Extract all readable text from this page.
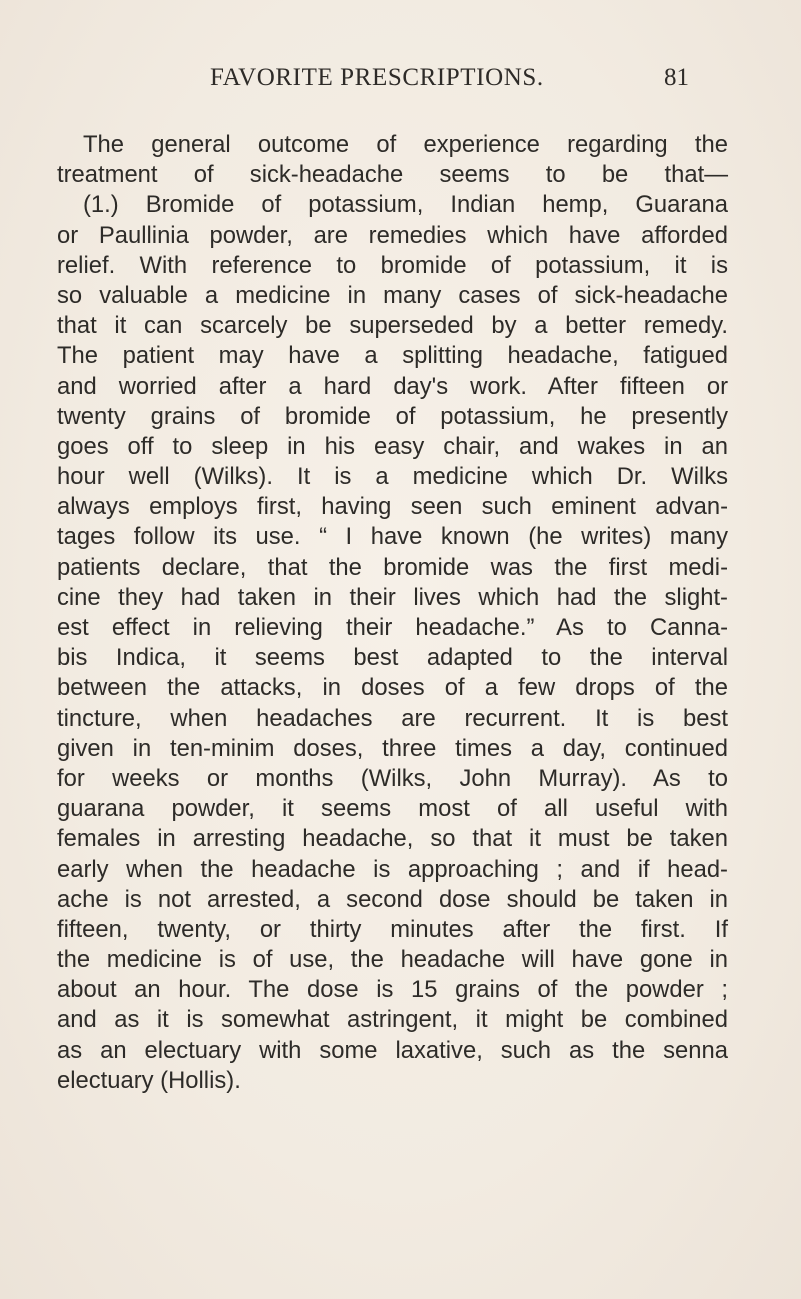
FAVORITE PRESCRIPTIONS.	81
The general outcome of experience regarding the
treatment of sick-headache seems to be that—
(1.) Bromide of potassium, Indian hemp, Guarana
or Paullinia powder, are remedies which have afforded
relief. With reference to bromide of potassium, it is
so valuable a medicine in many cases of sick-headache
that it can scarcely be superseded by a better remedy.
The patient may have a splitting headache, fatigued
and worried after a hard day's work. After fifteen or
twenty grains of bromide of potassium, he presently
goes off to sleep in his easy chair, and wakes in an
hour well (Wilks). It is a medicine which Dr. Wilks
always employs first, having seen such eminent advan-
tages follow its use. “ I have known (he writes) many
patients declare, that the bromide was the first medi-
cine they had taken in their lives which had the slight-
est effect in relieving their headache.” As to Canna-
bis Indica, it seems best adapted to the interval
between the attacks, in doses of a few drops of the
tincture, when headaches are recurrent. It is best
given in ten-minim doses, three times a day, continued
for weeks or months (Wilks, John Murray). As to
guarana powder, it seems most of all useful with
females in arresting headache, so that it must be taken
early when the headache is approaching ; and if head-
ache is not arrested, a second dose should be taken in
fifteen, twenty, or thirty minutes after the first. If
the medicine is of use, the headache will have gone in
about an hour. The dose is 15 grains of the powder ;
and as it is somewhat astringent, it might be combined
as an electuary with some laxative, such as the senna
electuary (Hollis).
